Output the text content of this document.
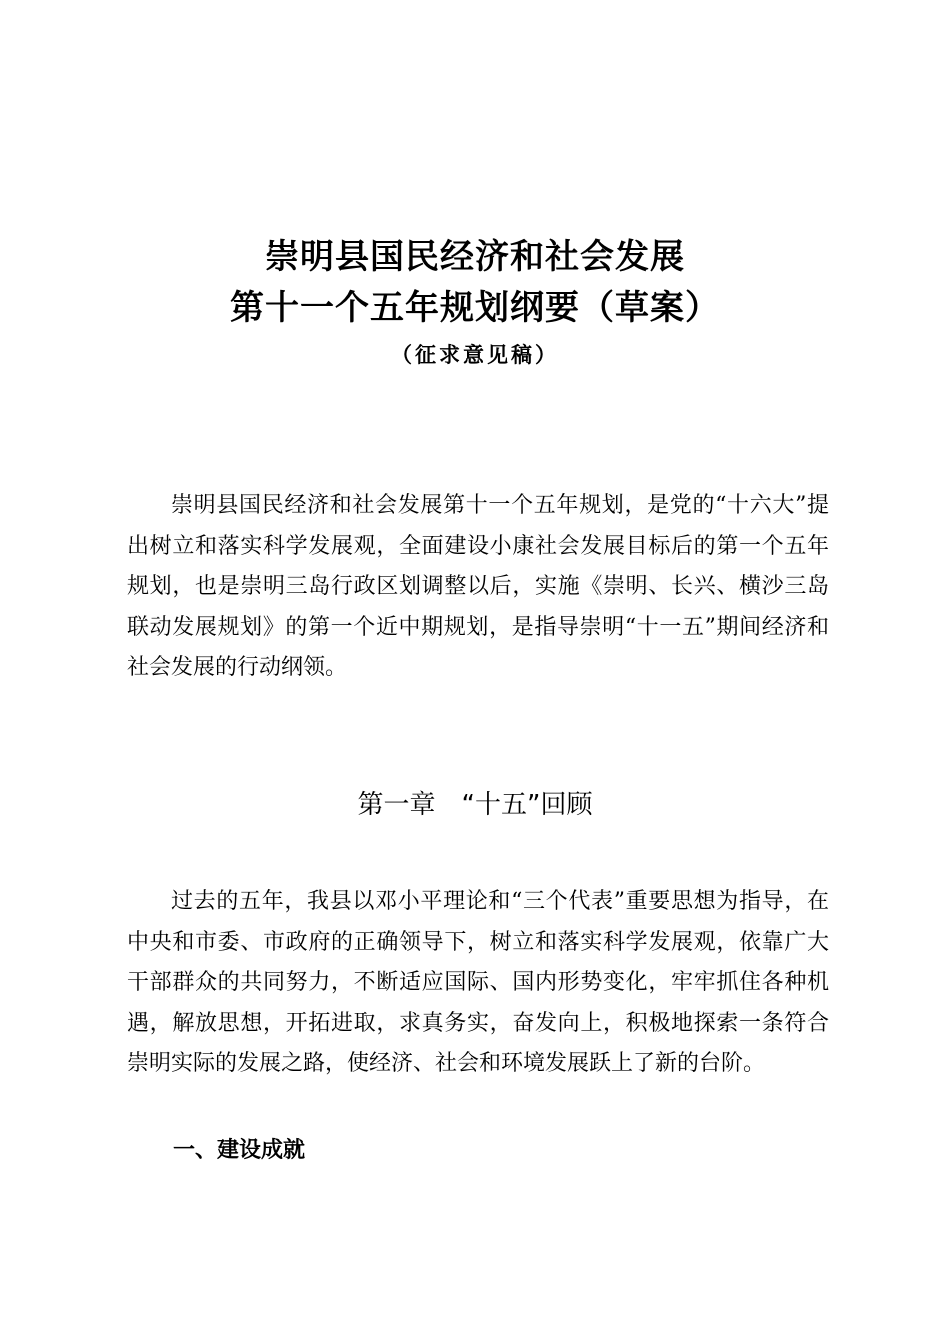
崇明县国民经济和社会发展
第十一个五年规划纲要（草案）
（征求意见稿）

崇明县国民经济和社会发展第十一个五年规划，是党的“十六大”提出树立和落实科学发展观，全面建设小康社会发展目标后的第一个五年规划，也是崇明三岛行政区划调整以后，实施《崇明、长兴、横沙三岛联动发展规划》的第一个近中期规划，是指导崇明“十一五”期间经济和社会发展的行动纲领。

第一章　“十五”回顾

过去的五年，我县以邓小平理论和“三个代表”重要思想为指导，在中央和市委、市政府的正确领导下，树立和落实科学发展观，依靠广大干部群众的共同努力，不断适应国际、国内形势变化，牢牢抓住各种机遇，解放思想，开拓进取，求真务实，奋发向上，积极地探索一条符合崇明实际的发展之路，使经济、社会和环境发展跃上了新的台阶。

一、建设成就
